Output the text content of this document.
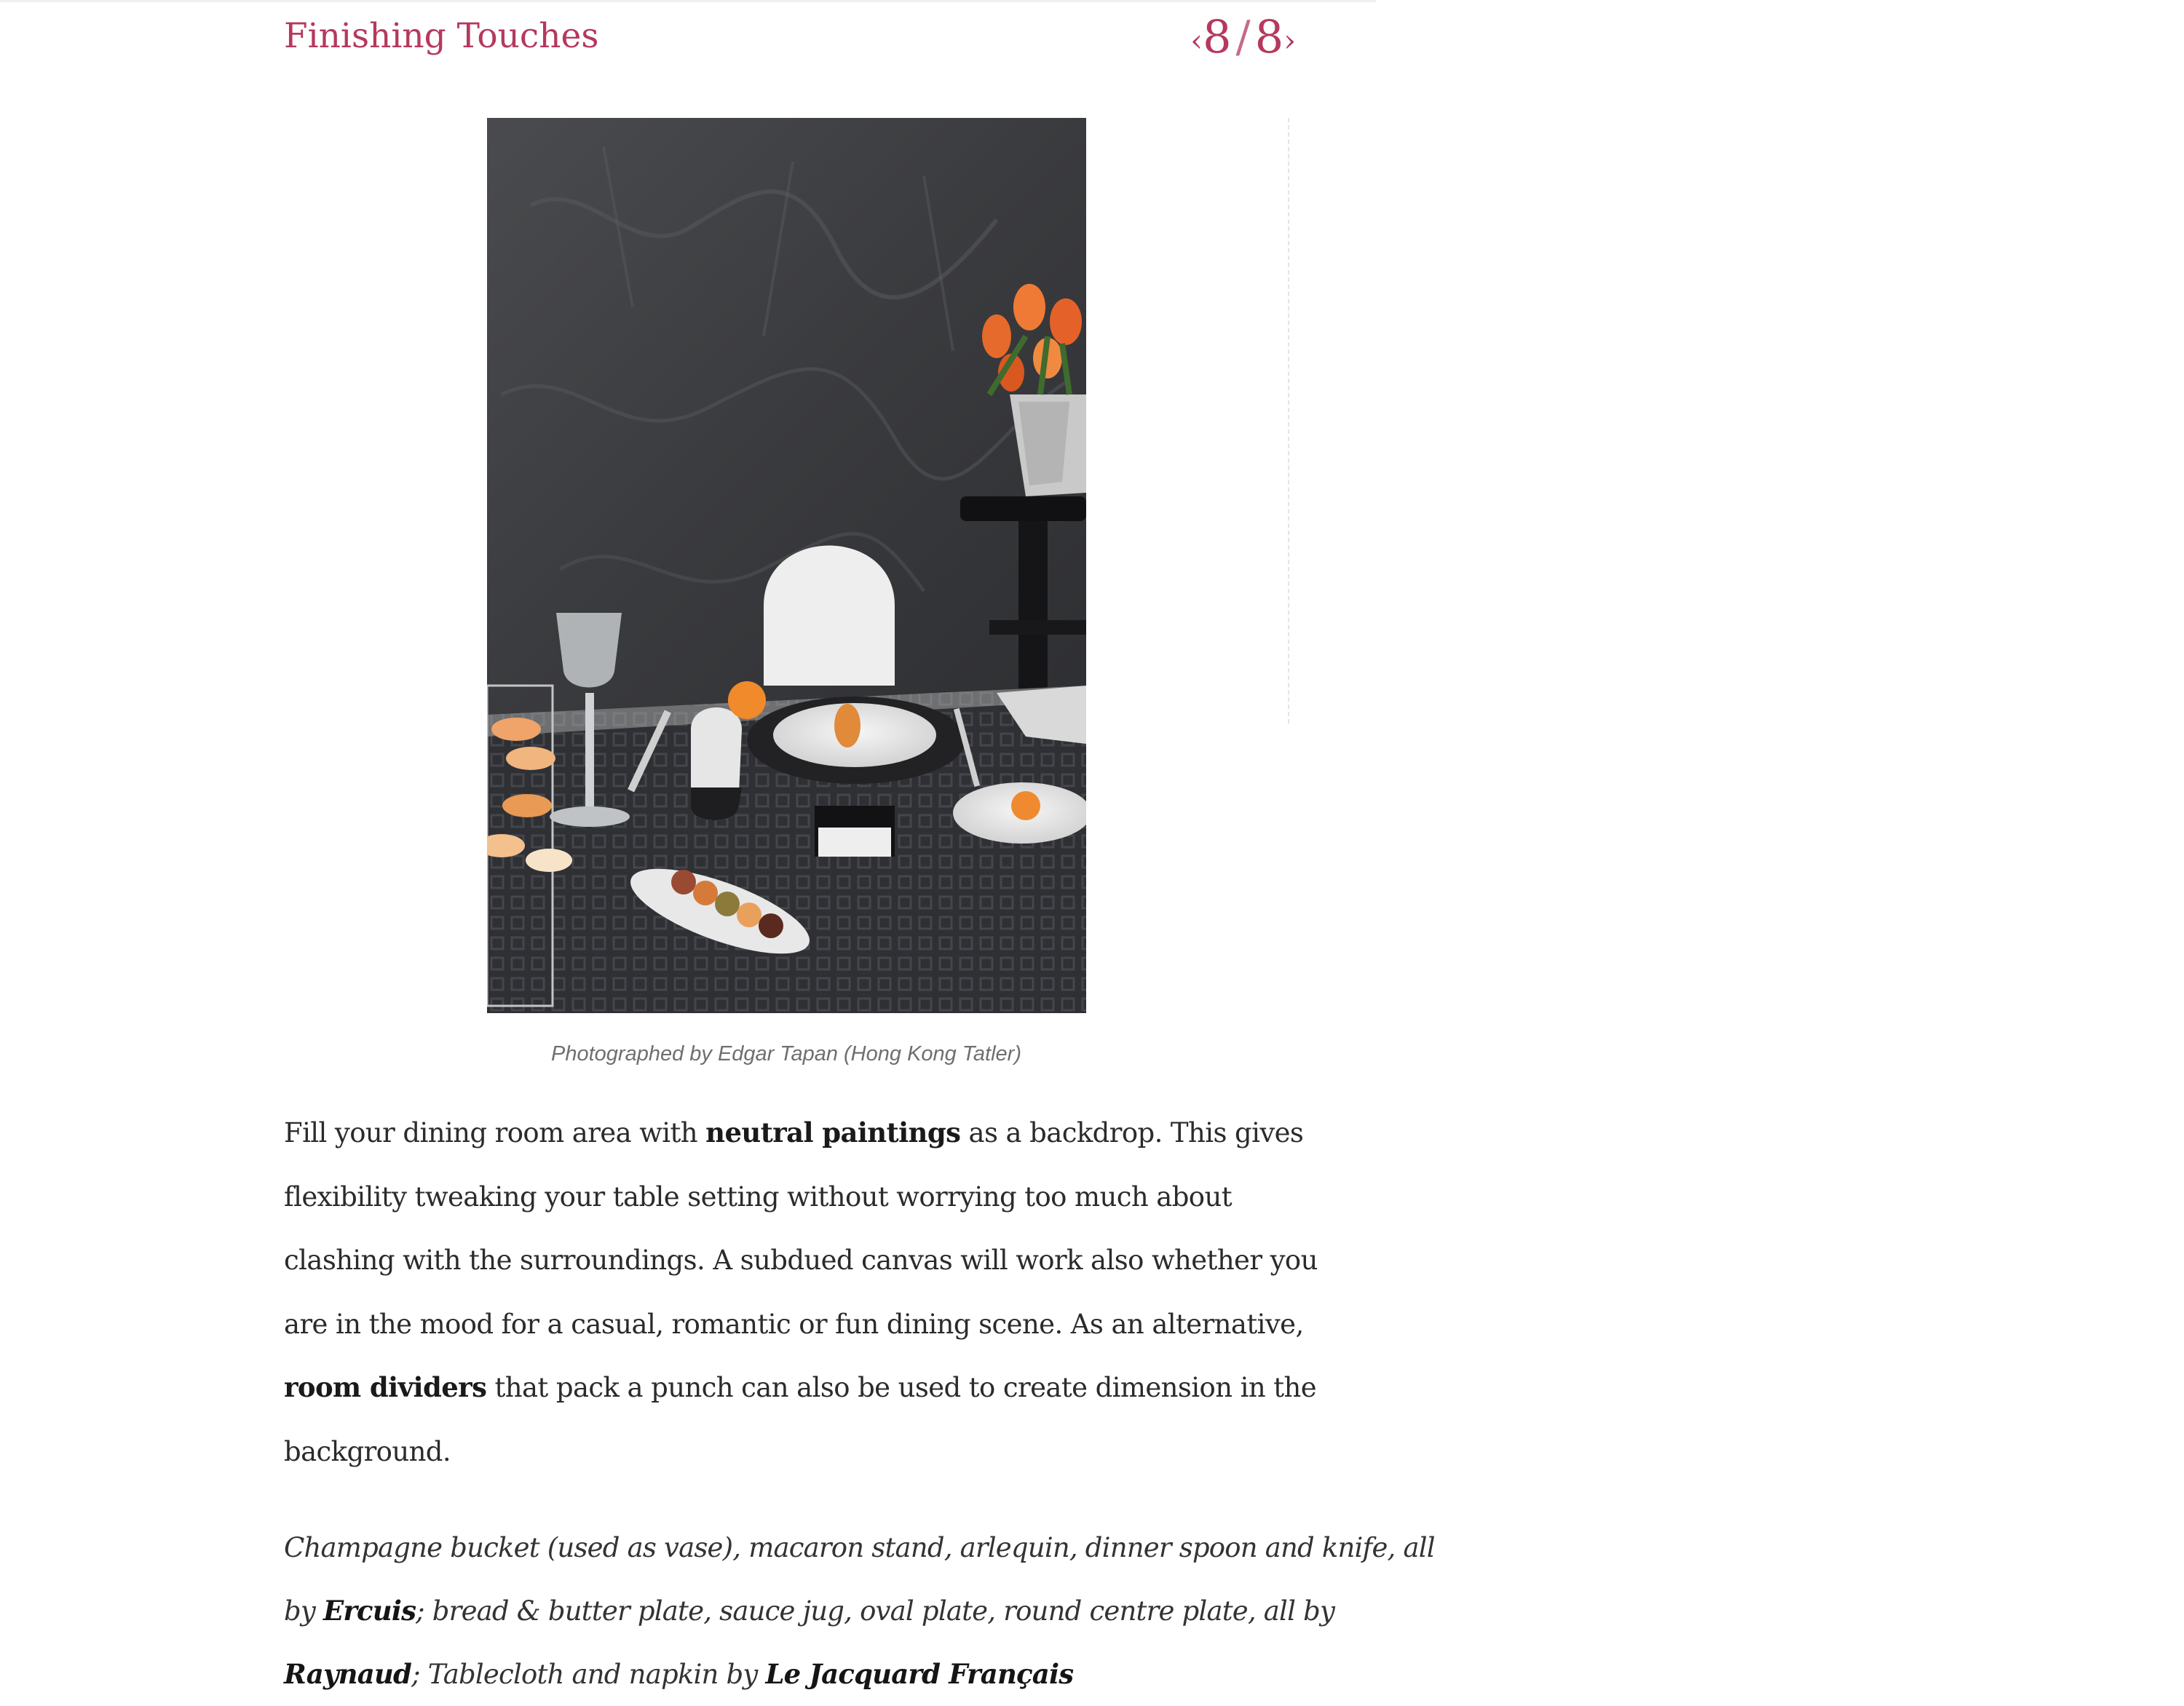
Finishing Touches	‹ 8 / 8 ›
Photographed by Edgar Tapan (Hong Kong Tatler)
Fill your dining room area with neutral paintings as a backdrop. This gives
flexibility tweaking your table setting without worrying too much about
clashing with the surroundings. A subdued canvas will work also whether you
are in the mood for a casual, romantic or fun dining scene. As an alternative,
room dividers that pack a punch can also be used to create dimension in the
background.
Champagne bucket (used as vase), macaron stand, arlequin, dinner spoon and knife, all
by Ercuis; bread & butter plate, sauce jug, oval plate, round centre plate, all by
Raynaud; Tablecloth and napkin by Le Jacquard Français
